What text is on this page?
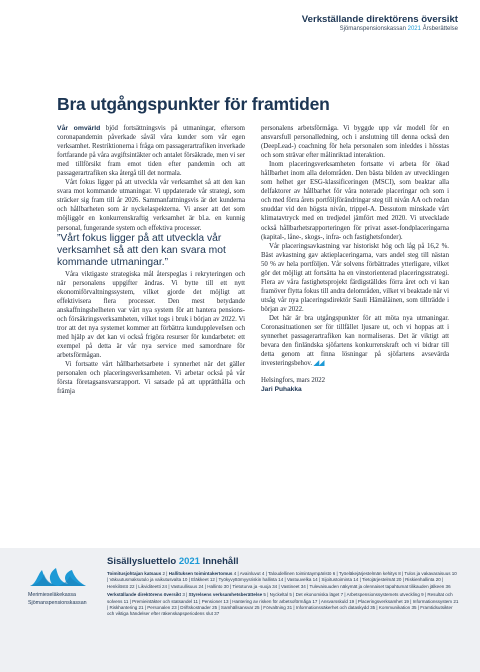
Verkställande direktörens översikt
Sjömanspensionskassan 2021 Årsberättelse
Bra utgångspunkter för framtiden

Vår omvärld bjöd fortsättningsvis på utmaningar, eftersom coronapandemin påverkade såväl våra kunder som vår egen verksamhet. Restriktionerna i fråga om passagerartrafiken inverkade fortfarande på våra avgiftsintäkter och antalet försäkrade, men vi ser med tillförsikt fram emot tiden efter pandemin och att passagerartrafiken ska återgå till det normala.

Vårt fokus ligger på att utveckla vår verksamhet så att den kan svara mot kommande utmaningar. Vi uppdaterade vår strategi, som sträcker sig fram till år 2026. Sammanfattningsvis är det kunderna och hållbarheten som är nyckelaspekterna. Vi anser att det som möjliggör en konkurrenskraftig verksamhet är bl.a. en kunnig personal, fungerande system och effektiva processer.

”Vårt fokus ligger på att utveckla vår verksamhet så att den kan svara mot kommande utmaningar.”

Våra viktigaste strategiska mål återspeglas i rekryteringen och när personalens uppgifter ändras. Vi bytte till ett nytt ekonomiförvaltningssystem, vilket gjorde det möjligt att effektivisera flera processer. Den mest betydande anskaffningshelheten var vårt nya system för att hantera pensions- och försäkringsverksamheten, vilket togs i bruk i början av 2022. Vi tror att det nya systemet kommer att förbättra kunduppleveIsen och med hjälp av det kan vi också frigöra resurser för kundarbetet: ett exempel på detta är vår nya service med samordnare för arbetsförmågan.

Vi fortsatte vårt hållbarhetsarbete i synnerhet när det gäller personalen och placeringsverksamheten. Vi arbetar också på vår första företagsansvarsrapport. Vi satsade på att upprätthålla och främja

personalens arbetsförmåga. Vi byggde upp vår modell för en ansvarsfull personalledning, och i anslutning till denna också den (DeepLead-) coachning för hela personalen som inleddes i hösstas och som strävar efter målinriktad interaktion.

Inom placeringsverksamheten fortsatte vi arbeta för ökad hållbarhet inom alla delområden. Den bästa bilden av utvecklingen som helhet ger ESG-klassificeringen (MSCI), som beaktar alla delfaktorer av hållbarhet för våra noterade placeringar och som i och med förra årets portföljförändringar steg till nivån AA och redan snuddar vid den högsta nivån, trippel-A. Dessutom minskade vårt klimatavtryck med en tredjedel jämfört med 2020. Vi utvecklade också hållbarhetsrapporteringen för privat asset-fondplaceringarna (kapital-, låne-, skogs-, infra- och fastighetsfonder).

Vår placeringsavkastning var historiskt hög och låg på 16,2 %. Bäst avkastning gav aktieplaceringarna, vars andel steg till nästan 50 % av hela portföljen. Vår solvens förbättrades ytterligare, vilket gör det möjligt att fortsätta ha en vinstorienterad placeringsstrategi. Flera av våra fastighetsprojekt färdigställdes förra året och vi kan framöver flytta fokus till andra delområden, vilket vi beaktade när vi utsåg vår nya placeringsdirektör Sauli Hämäläinen, som tillträdde i början av 2022.

Det här är bra utgångspunkter för att möta nya utmaningar. Coronasituationen ser för tillfället ljusare ut, och vi hoppas att i synnerhet passagerartrafiken kan normaliseras. Det är viktigt att bevara den finländska sjöfartens konkurrenskraft och vi bidrar till detta genom att finna lösningar på sjöfartens avsevärda investeringsbehov. ◢◢

Helsingfors, mars 2022

Jari Puhakka

Merimieseläkekassa
Sjömanspensionskassan
Sisällysluettelo 2021 Innehåll

Toimitusjohtajan katsaus 2 | Hallituksen toimintakertomus 4 | Avainluvut 4 | Taloudellinen toimintaympäristö 6 | Työeläkejärjestelmän kehitys 8 | Tulos ja vakavaraisuus 10 | Vakuutusmaksutulo ja vaikutusvalta 10 | Eläkkeet 12 | Työkyvyttömyysriskin hallinta 14 | Vastuuvelka 14 | Sijoitustoiminta 14 | Tietojärjestelmät 20 | Riskienhallinta 20 | Henkilöstö 22 | Likviditeetti 24 | Vastuullisuus 24 | Hallinto 30 | Tietoturva ja -suoja 34 | Vastineet 34 | Tulevaisuuden näkymät ja olennaiset tapahtumat tilikauden jälkeen 36

Verkställande direktörens översikt 3 | Styrelsens verksamhetsberättelse 5 | Nyckeltal 5 | Det ekonomiska läget 7 | Arbetspensionssystemets utveckling 9 | Resultat och solvens 11 | Premieintäkter och statsandel 11 | Pensioner 13 | Hantering av risken för arbetsoförmåga 17 | Ansvarsskuld 19 | Placeringsverksamhet 19 | Informationssystem 21 | Riskhantering 21 | Personalen 23 | Driftskostnader 25 | Samhällsansvar 25 | Förvaltning 31 | Informationssäkerhet och dataskydd 35 | Kommunikation 35 | Framtidsutsikter och viktiga händelser efter räkenskapsperiodens slut 37
